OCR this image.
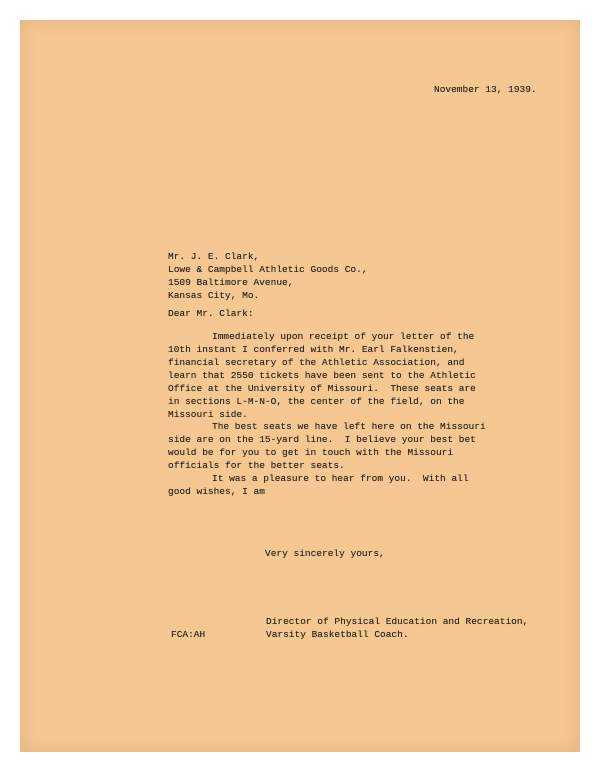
November 13, 1939.
Mr. J. E. Clark,
Lowe & Campbell Athletic Goods Co.,
1509 Baltimore Avenue,
Kansas City, Mo.
Dear Mr. Clark:
Immediately upon receipt of your letter of the
10th instant I conferred with Mr. Earl Falkenstien,
financial secretary of the Athletic Association, and
learn that 2550 tickets have been sent to the Athletic
Office at the University of Missouri.  These seats are
in sections L-M-N-O, the center of the field, on the
Missouri side.
The best seats we have left here on the Missouri
side are on the 15-yard line.  I believe your best bet
would be for you to get in touch with the Missouri
officials for the better seats.
It was a pleasure to hear from you.  With all
good wishes, I am
Very sincerely yours,
FCA:AH
Director of Physical Education and Recreation,
Varsity Basketball Coach.
